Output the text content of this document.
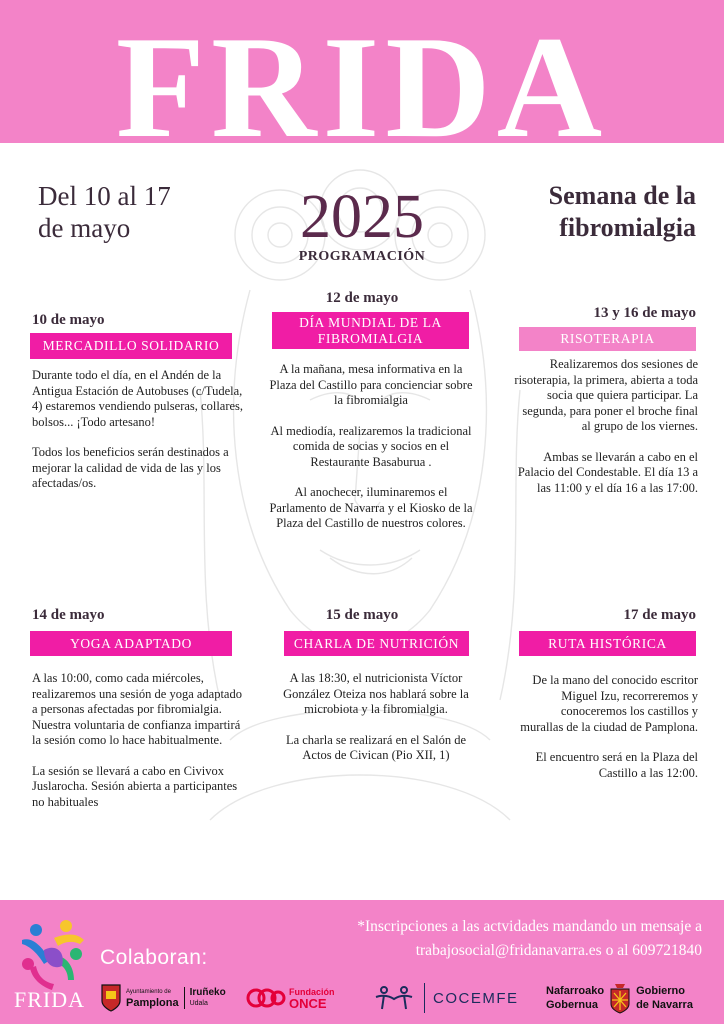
FRIDA
Del 10 al 17
de mayo	2025
PROGRAMACIÓN
Semana de la
fibromialgia
10 de mayo
MERCADILLO SOLIDARIO

Durante todo el día, en el Andén de la Antigua Estación de Autobuses (c/Tudela, 4) estaremos vendiendo pulseras, collares, bolsos... ¡Todo artesano!

Todos los beneficios serán destinados a mejorar la calidad de vida de las y los afectadas/os.

12 de mayo
DÍA MUNDIAL DE LA FIBROMIALGIA

A la mañana, mesa informativa en la Plaza del Castillo para concienciar sobre la fibromialgia

Al mediodía, realizaremos la tradicional comida de socias y socios en el Restaurante Basaburua .

Al anochecer, iluminaremos el Parlamento de Navarra y el Kiosko de la Plaza del Castillo de nuestros colores.

13 y 16 de mayo
RISOTERAPIA

Realizaremos dos sesiones de risoterapia, la primera, abierta a toda socia que quiera participar. La segunda, para poner el broche final al grupo de los viernes.

Ambas se llevarán a cabo en el Palacio del Condestable. El día 13 a las 11:00 y el día 16 a las 17:00.

14 de mayo
YOGA ADAPTADO

A las 10:00, como cada miércoles, realizaremos una sesión de yoga adaptado a personas afectadas por fibromialgia. Nuestra voluntaria de confianza impartirá la sesión como lo hace habitualmente.

La sesión se llevará a cabo en Civivox Juslarocha. Sesión abierta a participantes no habituales

15 de mayo
CHARLA DE NUTRICIÓN

A las 18:30, el nutricionista Víctor González Oteiza nos hablará sobre la microbiota y la fibromialgia.

La charla se realizará en el Salón de Actos de Civican (Pio XII, 1)

17 de mayo
RUTA HISTÓRICA

De la mano del conocido escritor Miguel Izu, recorreremos y conoceremos los castillos y murallas de la ciudad de Pamplona.

El encuentro será en la Plaza del Castillo a las 12:00.

FRIDA
Colaboran:
*Inscripciones a las actvidades mandando un mensaje a
trabajosocial@fridanavarra.es o al 609721840
Ayuntamiento de
Pamplona
Iruñeko
Udala
Fundación
ONCE	COCEMFE	Nafarroako
Gobernua
Gobierno
de Navarra
